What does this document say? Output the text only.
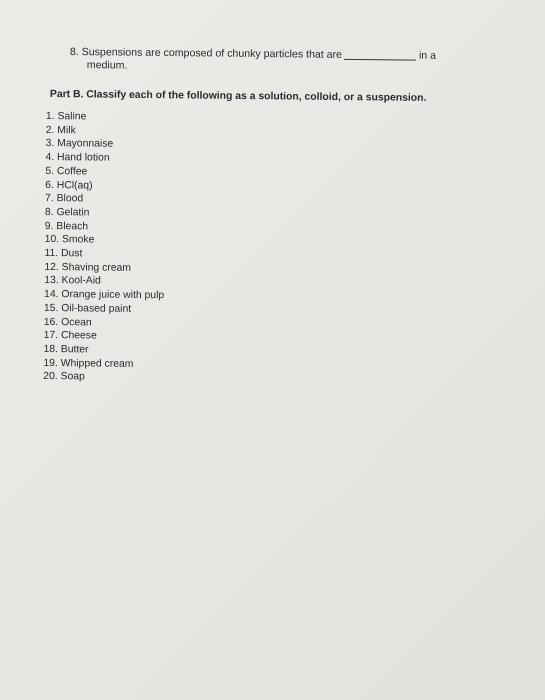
8. Suspensions are composed of chunky particles that are	in a
medium.
Part B. Classify each of the following as a solution, colloid, or a suspension.
1. Saline
2. Milk
3. Mayonnaise
4. Hand lotion
5. Coffee
6. HCl(aq)
7. Blood
8. Gelatin
9. Bleach
10. Smoke
11. Dust
12. Shaving cream
13. Kool-Aid
14. Orange juice with pulp
15. Oil-based paint
16. Ocean
17. Cheese
18. Butter
19. Whipped cream
20. Soap
